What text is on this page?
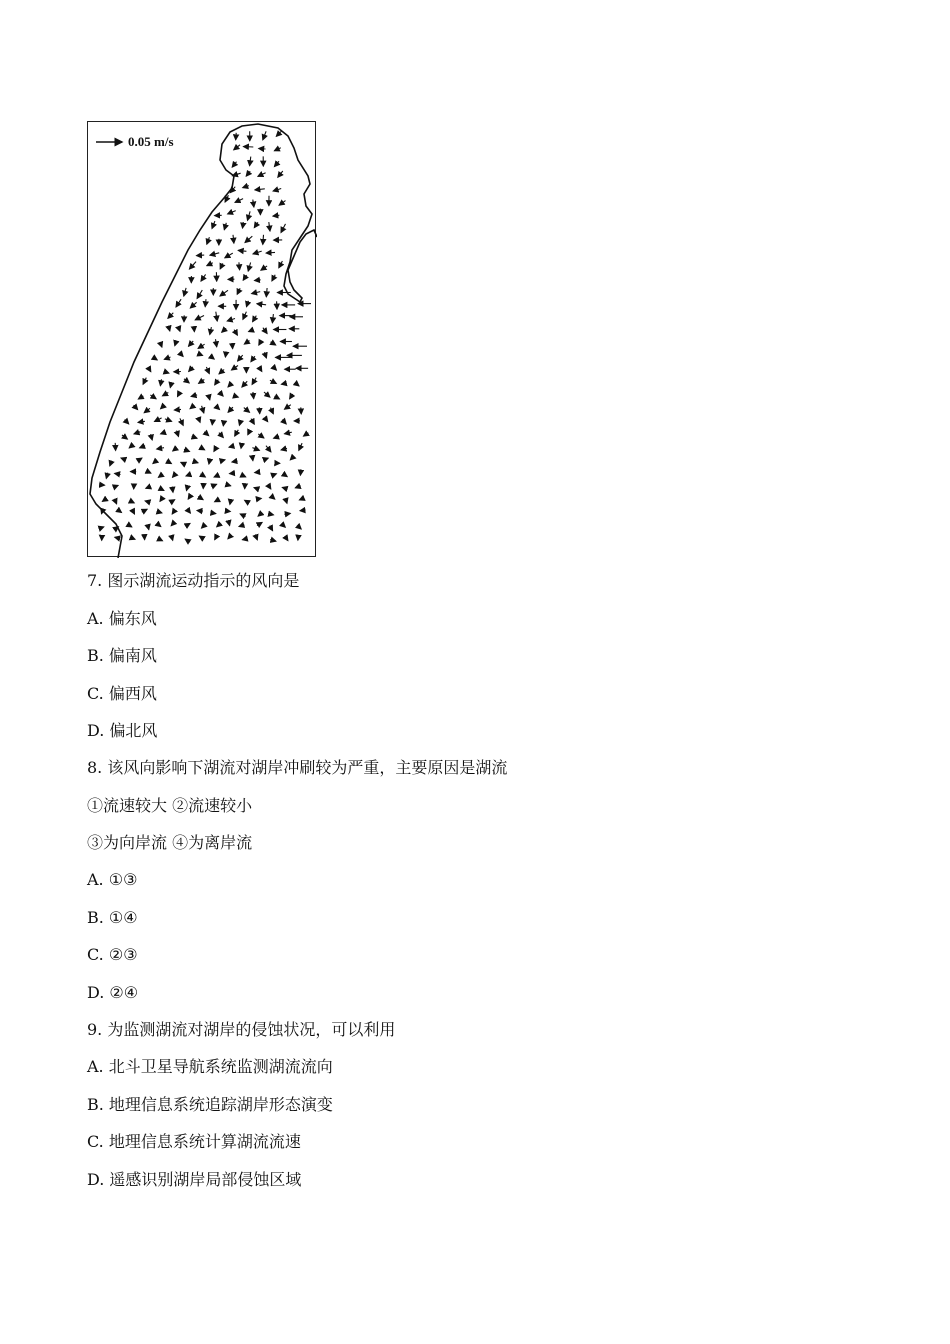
0.05 m/s
7. 图示湖流运动指示的风向是
A. 偏东风
B. 偏南风
C. 偏西风
D. 偏北风
8. 该风向影响下湖流对湖岸冲刷较为严重，主要原因是湖流
①流速较大 ②流速较小
③为向岸流 ④为离岸流
A. ①③
B. ①④
C. ②③
D. ②④
9. 为监测湖流对湖岸的侵蚀状况，可以利用
A. 北斗卫星导航系统监测湖流流向
B. 地理信息系统追踪湖岸形态演变
C. 地理信息系统计算湖流流速
D. 遥感识别湖岸局部侵蚀区域
